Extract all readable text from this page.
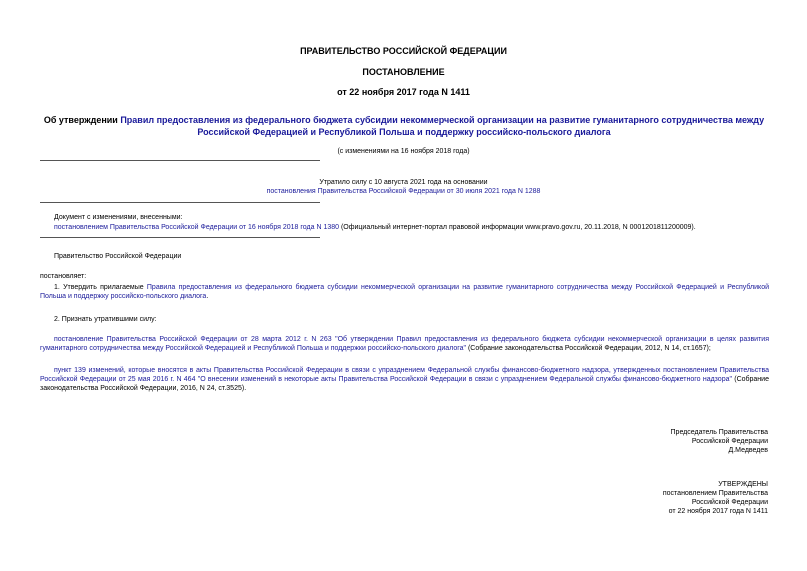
ПРАВИТЕЛЬСТВО РОССИЙСКОЙ ФЕДЕРАЦИИ
ПОСТАНОВЛЕНИЕ
от 22 ноября 2017 года N 1411
Об утверждении Правил предоставления из федерального бюджета субсидии некоммерческой организации на развитие гуманитарного сотрудничества между
Российской Федерацией и Республикой Польша и поддержку российско-польского диалога
(с изменениями на 16 ноября 2018 года)
Утратило силу с 10 августа 2021 года на основании
постановления Правительства Российской Федерации от 30 июля 2021 года N 1288
Документ с изменениями, внесенными:
постановлением Правительства Российской Федерации от 16 ноября 2018 года N 1380 (Официальный интернет-портал правовой информации www.pravo.gov.ru, 20.11.2018, N 0001201811200009).
Правительство Российской Федерации
постановляет:
1. Утвердить прилагаемые Правила предоставления из федерального бюджета субсидии некоммерческой организации на развитие гуманитарного сотрудничества между Российской Федерацией и Республикой Польша и поддержку российско-польского диалога.
2. Признать утратившими силу:
постановление Правительства Российской Федерации от 28 марта 2012 г. N 263 "Об утверждении Правил предоставления из федерального бюджета субсидии некоммерческой организации в целях развития гуманитарного сотрудничества между Российской Федерацией и Республикой Польша и поддержки российско-польского диалога" (Собрание законодательства Российской Федерации, 2012, N 14, ст.1657);
пункт 139 изменений, которые вносятся в акты Правительства Российской Федерации в связи с упразднением Федеральной службы финансово-бюджетного надзора, утвержденных постановлением Правительства Российской Федерации от 25 мая 2016 г. N 464 "О внесении изменений в некоторые акты Правительства Российской Федерации в связи с упразднением Федеральной службы финансово-бюджетного надзора" (Собрание законодательства Российской Федерации, 2016, N 24, ст.3525).
Председатель Правительства
Российской Федерации
Д.Медведев
УТВЕРЖДЕНЫ
постановлением Правительства
Российской Федерации
от 22 ноября 2017 года N 1411
